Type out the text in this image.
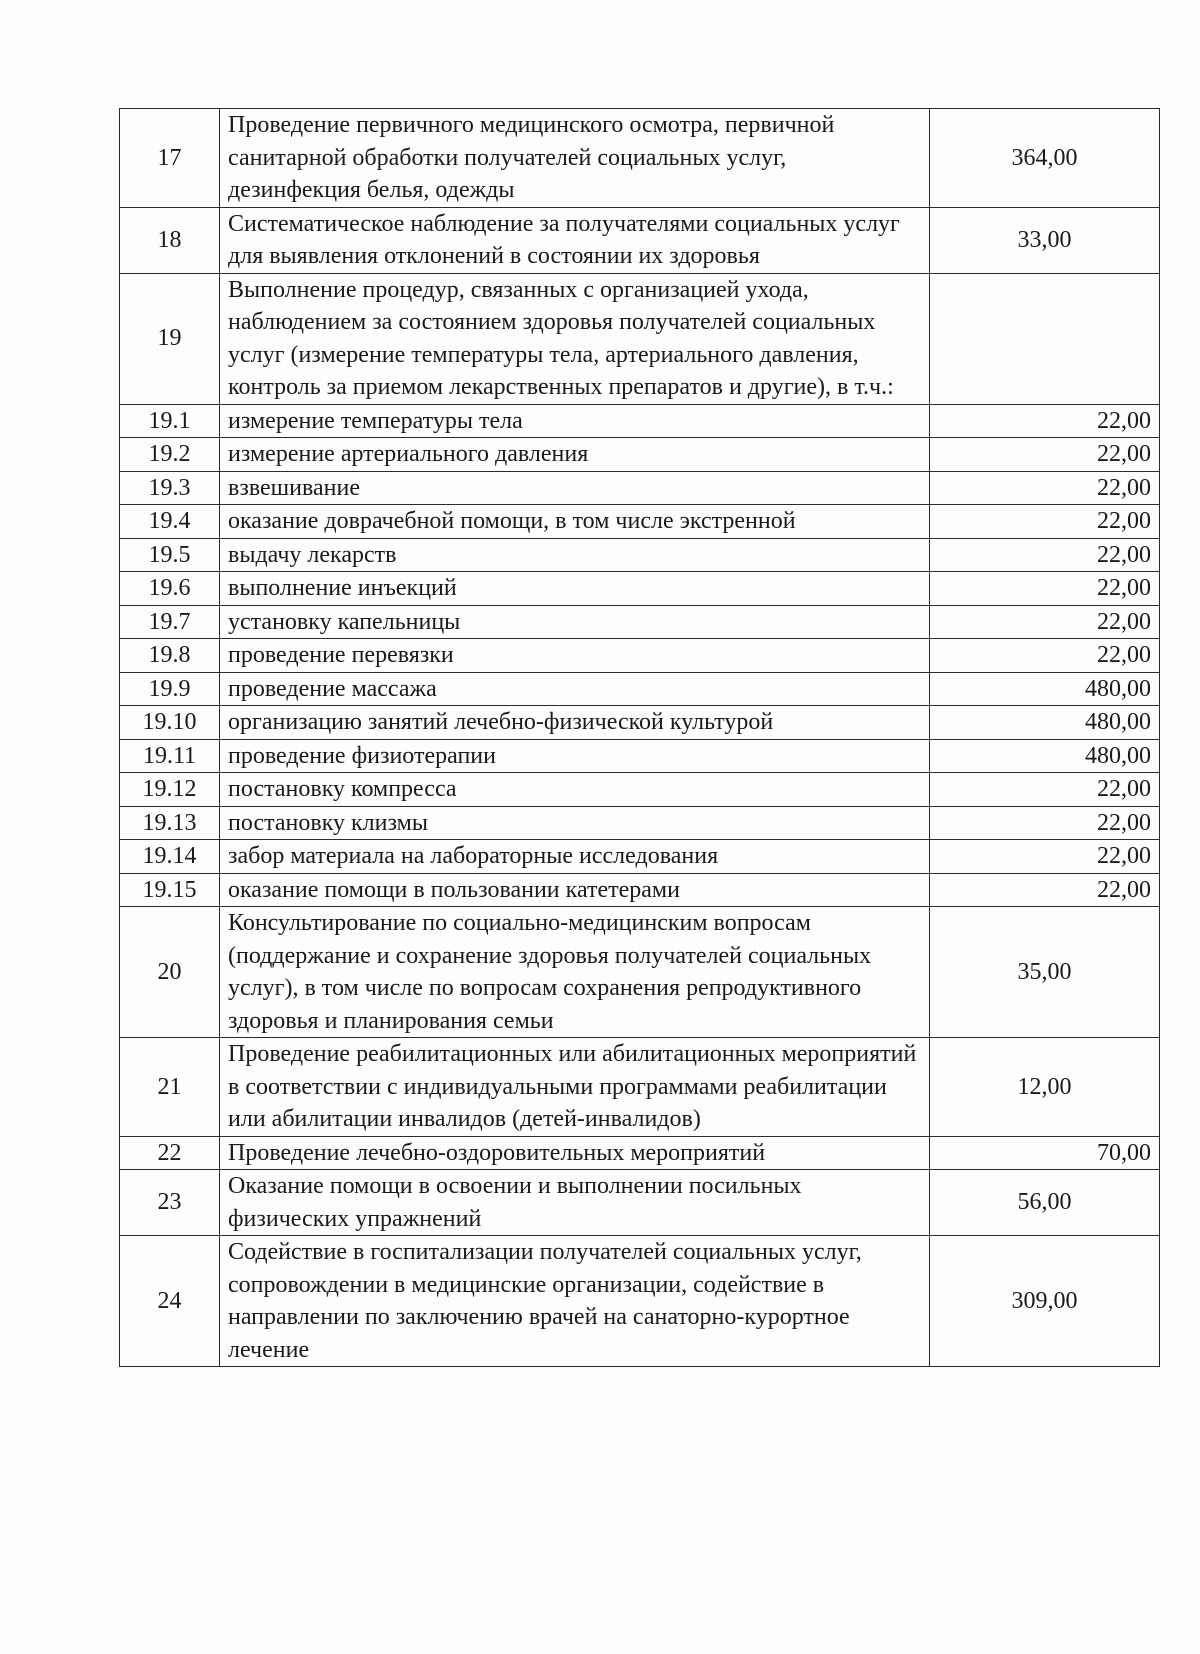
17	Проведение первичного медицинского осмотра, первичной санитарной обработки получателей социальных услуг, дезинфекция белья, одежды	364,00
18	Систематическое наблюдение за получателями социальных услуг для выявления отклонений в состоянии их здоровья	33,00
19	Выполнение процедур, связанных с организацией ухода, наблюдением за состоянием здоровья получателей социальных услуг (измерение температуры тела, артериального давления, контроль за приемом лекарственных препаратов и другие), в т.ч.:	
19.1	измерение температуры тела	22,00
19.2	измерение артериального давления	22,00
19.3	взвешивание	22,00
19.4	оказание доврачебной помощи, в том числе экстренной	22,00
19.5	выдачу лекарств	22,00
19.6	выполнение инъекций	22,00
19.7	установку капельницы	22,00
19.8	проведение перевязки	22,00
19.9	проведение массажа	480,00
19.10	организацию занятий лечебно-физической культурой	480,00
19.11	проведение физиотерапии	480,00
19.12	постановку компресса	22,00
19.13	постановку клизмы	22,00
19.14	забор материала на лабораторные исследования	22,00
19.15	оказание помощи в пользовании катетерами	22,00
20	Консультирование по социально-медицинским вопросам (поддержание и сохранение здоровья получателей социальных услуг), в том числе по вопросам сохранения репродуктивного здоровья и планирования семьи	35,00
21	Проведение реабилитационных или абилитационных мероприятий в соответствии с индивидуальными программами реабилитации или абилитации инвалидов (детей-инвалидов)	12,00
22	Проведение лечебно-оздоровительных мероприятий	70,00
23	Оказание помощи в освоении и выполнении посильных физических упражнений	56,00
24	Содействие в госпитализации получателей социальных услуг, сопровождении в медицинские организации, содействие в направлении по заключению врачей на санаторно-курортное лечение	309,00
